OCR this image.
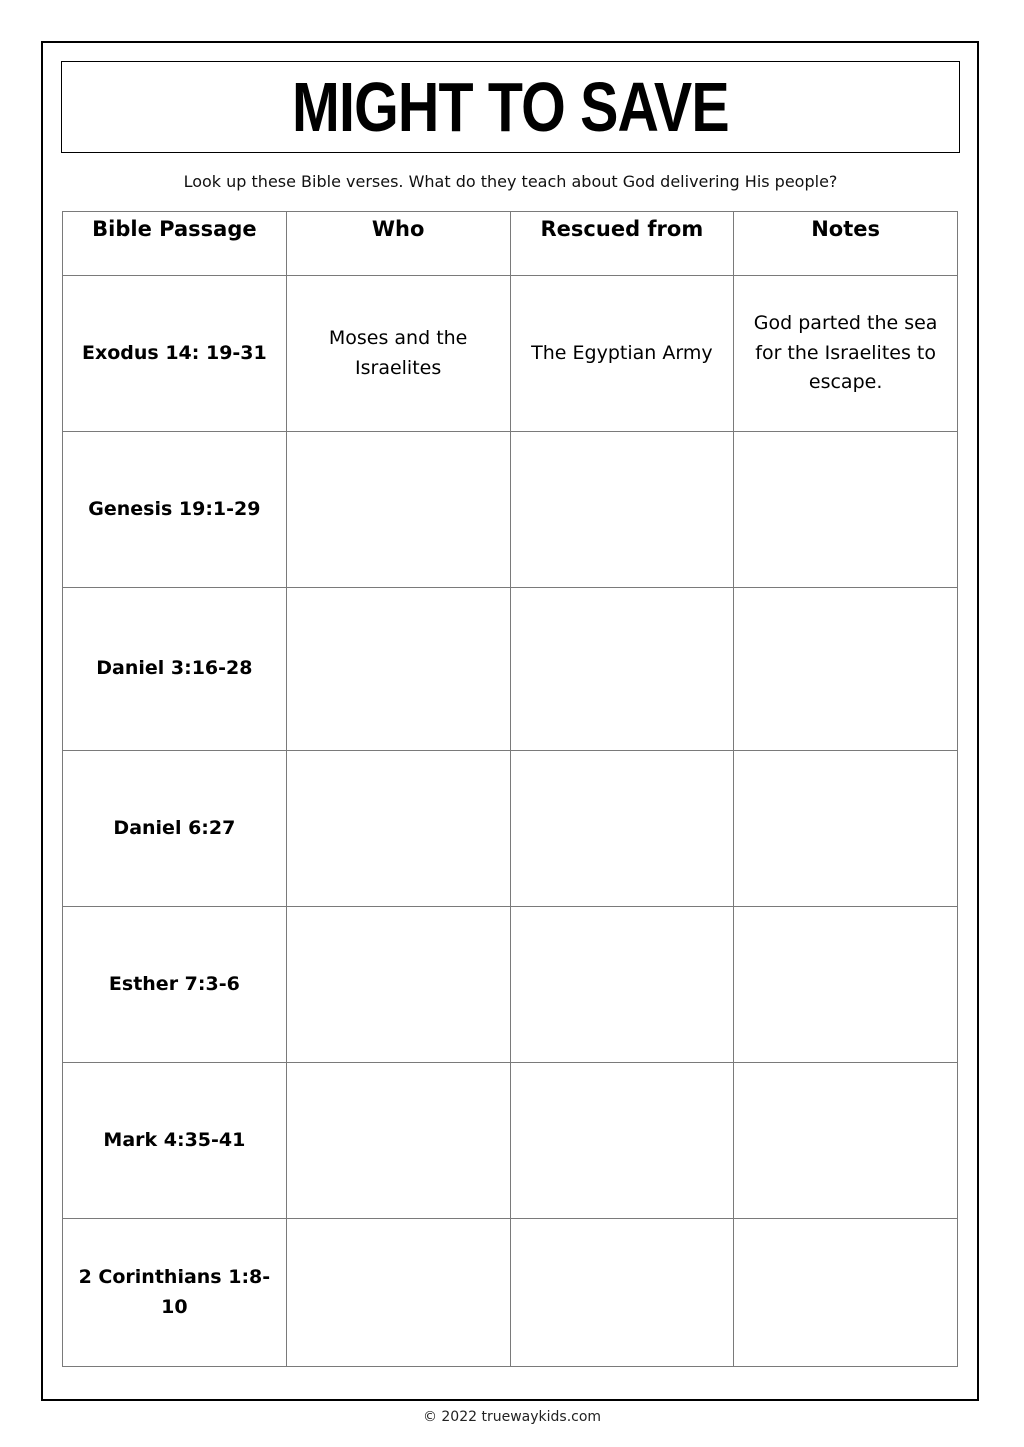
MIGHT TO SAVE
Look up these Bible verses. What do they teach about God delivering His people?
Bible Passage	Who	Rescued from	Notes
Exodus 14: 19-31	Moses and the Israelites	The Egyptian Army	God parted the sea for the Israelites to escape.
Genesis 19:1-29			
Daniel 3:16-28			
Daniel 6:27			
Esther 7:3-6			
Mark 4:35-41			
2 Corinthians 1:8-10			
© 2022 truewaykids.com
